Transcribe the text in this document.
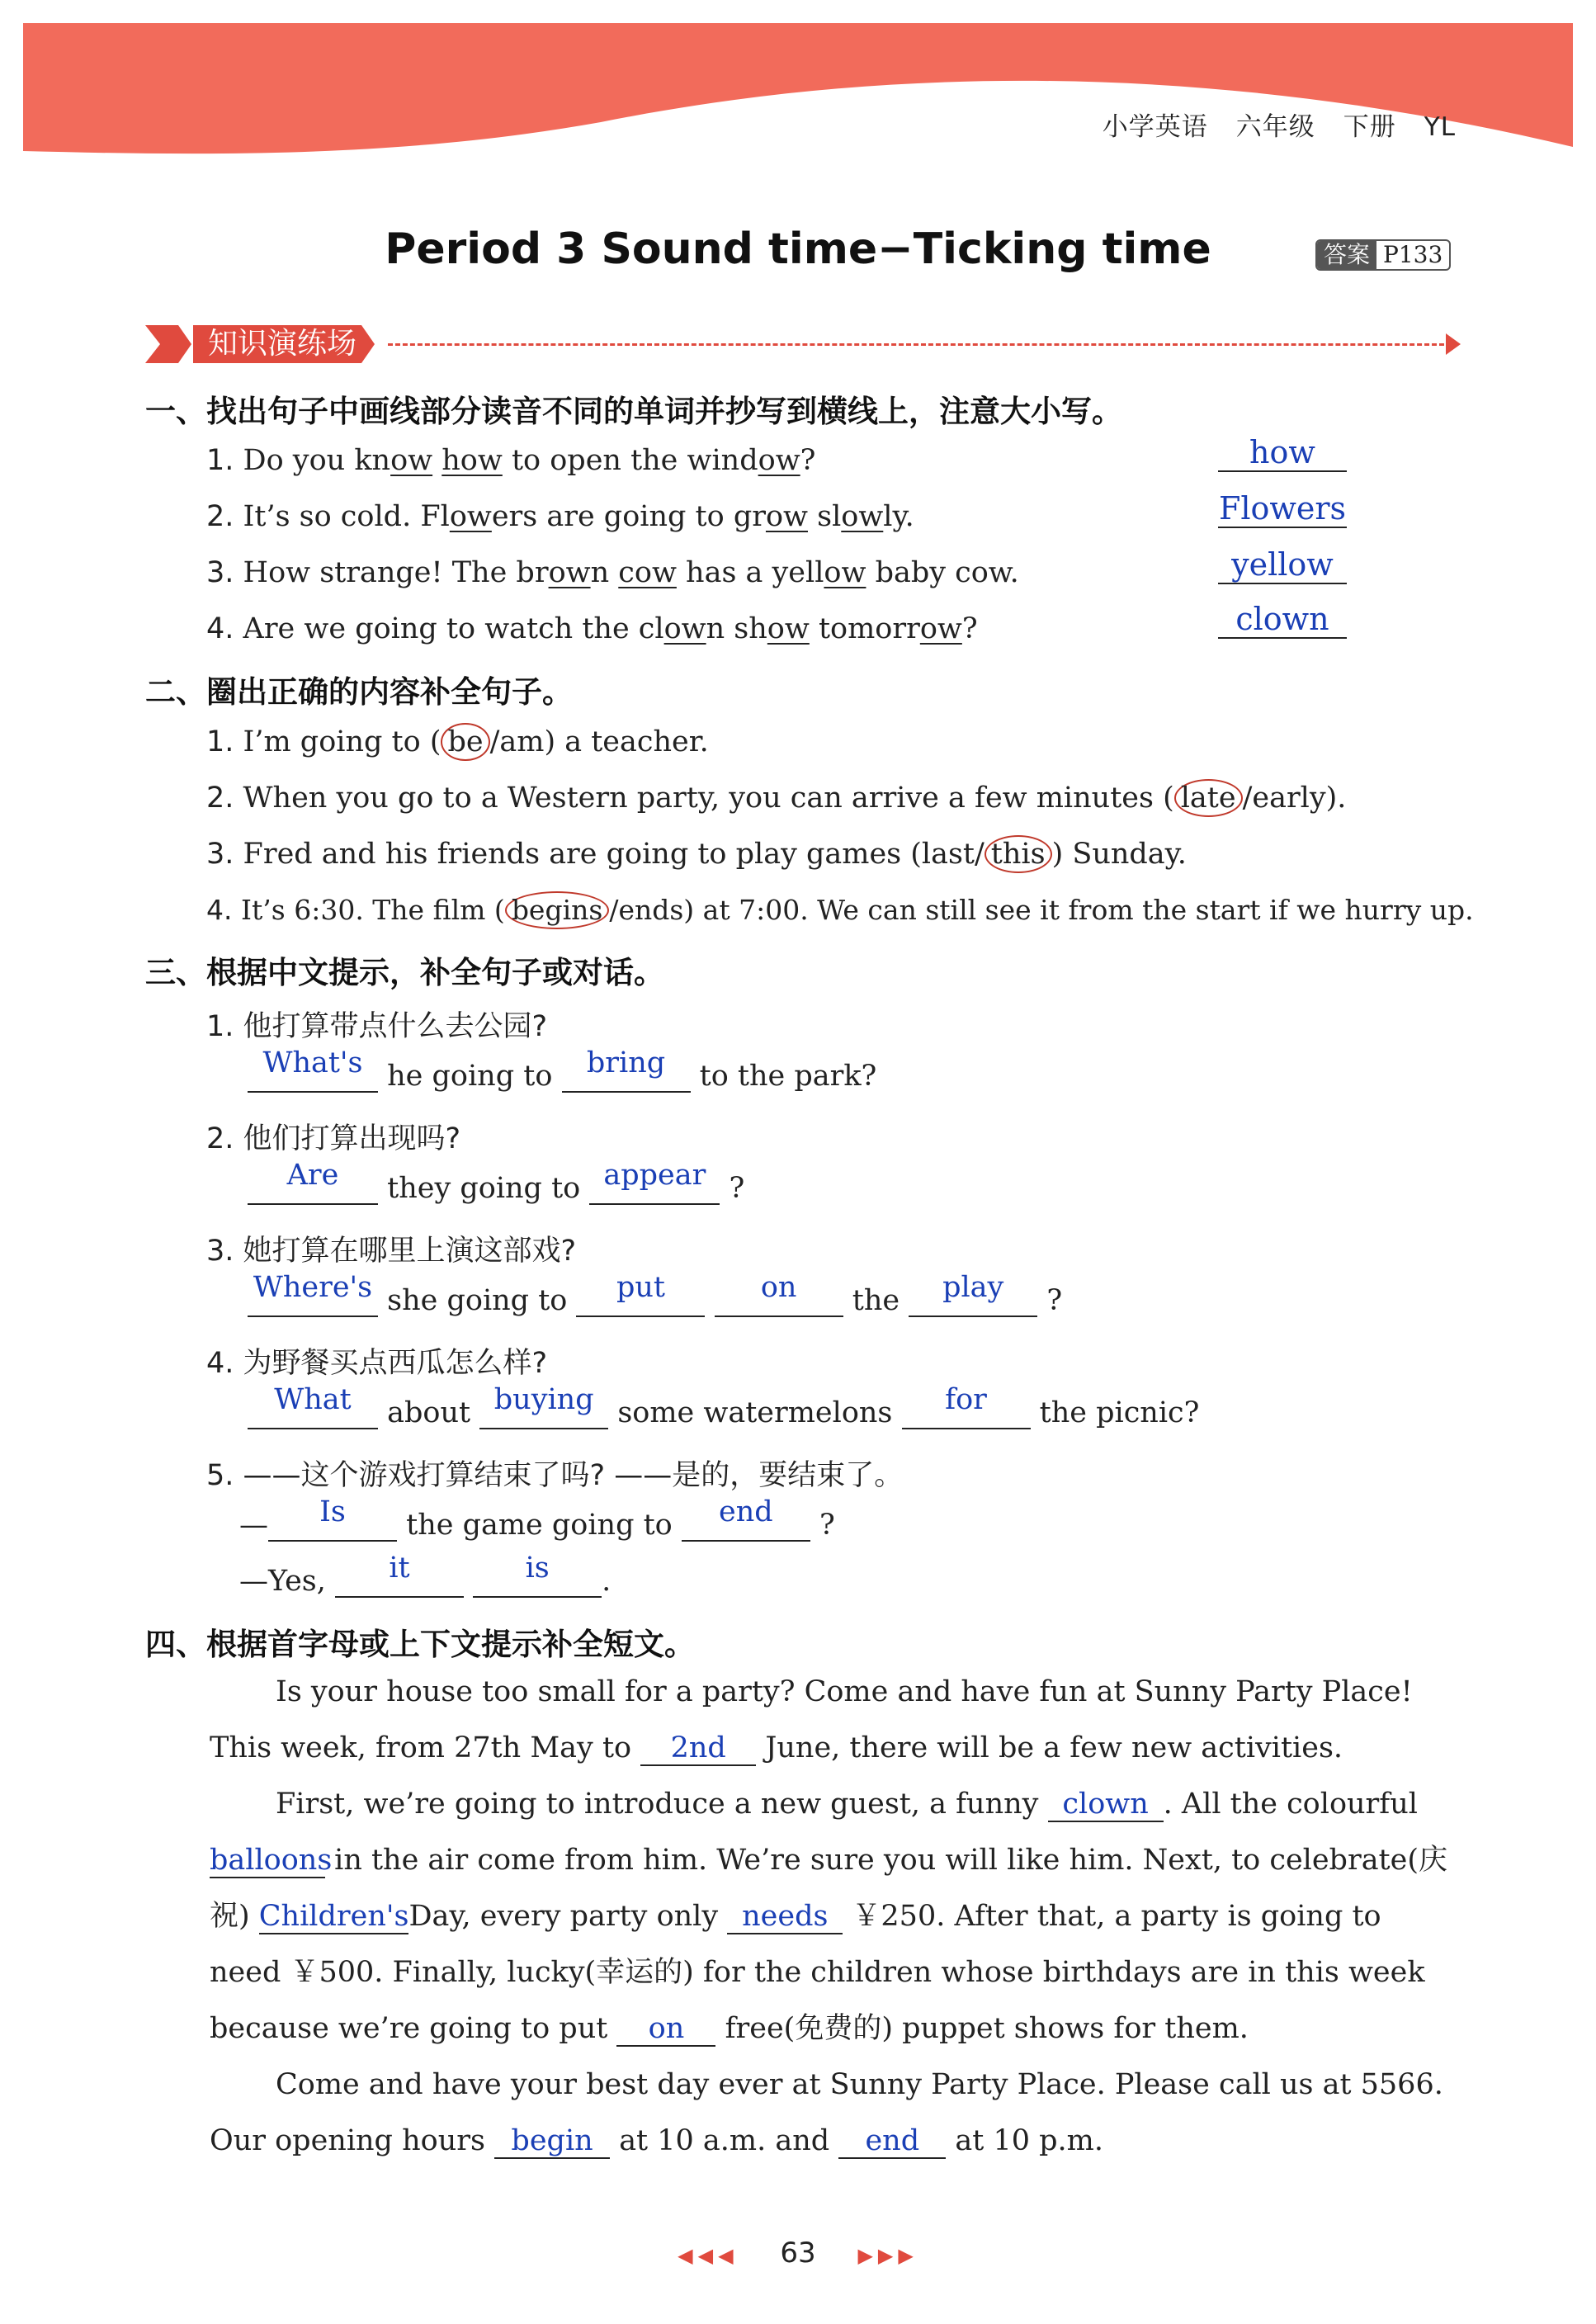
小学英语 六年级 下册 YL
Period 3 Sound time−Ticking time	答案 P133
知识演练场
一、找出句子中画线部分读音不同的单词并抄写到横线上，注意大小写。
1. Do you know how to open the window?
2. It’s so cold. Flowers are going to grow slowly.
3. How strange! The brown cow has a yellow baby cow.
4. Are we going to watch the clown show tomorrow?
how
Flowers
yellow
clown
二、圈出正确的内容补全句子。
1. I’m going to ( be /am) a teacher.
2. When you go to a Western party, you can arrive a few minutes ( late /early).
3. Fred and his friends are going to play games (last/ this ) Sunday.
4. It’s 6:30. The film ( begins /ends) at 7:00. We can still see it from the start if we hurry up.
三、根据中文提示，补全句子或对话。
1. 他打算带点什么去公园?
What's he going to bring to the park?
2. 他们打算出现吗?
Are they going to appear ?
3. 她打算在哪里上演这部戏?
Where's she going to put	on the play ?
4. 为野餐买点西瓜怎么样?
What about buying some watermelons for the picnic?
5. ——这个游戏打算结束了吗? ——是的，要结束了。
— Is the game going to end ?
—Yes, it	is .
四、根据首字母或上下文提示补全短文。
Is your house too small for a party? Come and have fun at Sunny Party Place! This week, from 27th May to 2nd June, there will be a few new activities.
First, we’re going to introduce a new guest, a funny clown . All the colourful balloons in the air come from him. We’re sure you will like him. Next, to celebrate(庆祝) Children'sDay, every party only needs ￥250. After that, a party is going to need ￥500. Finally, lucky(幸运的) for the children whose birthdays are in this week because we’re going to put on free(免费的) puppet shows for them.
Come and have your best day ever at Sunny Party Place. Please call us at 5566. Our opening hours begin at 10 a.m. and end at 10 p.m.
◀◀◀ 63 ▶▶▶
